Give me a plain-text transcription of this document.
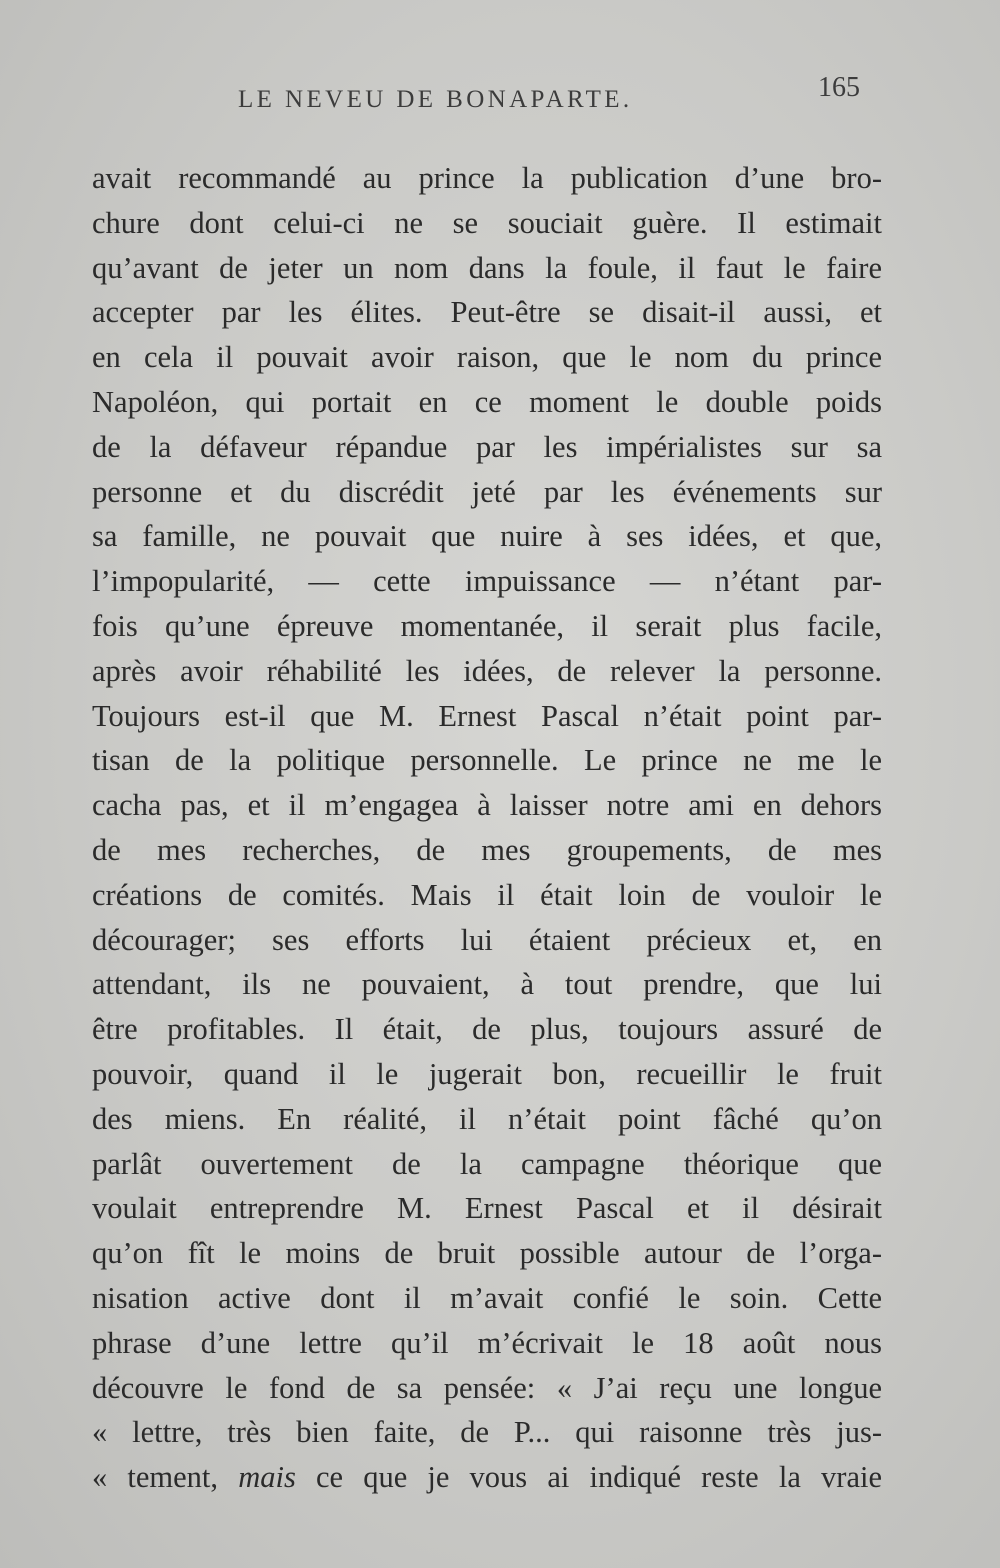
LE NEVEU DE BONAPARTE.	165
avait recommandé au prince la publication d’une bro-
chure dont celui-ci ne se souciait guère. Il estimait
qu’avant de jeter un nom dans la foule, il faut le faire
accepter par les élites. Peut-être se disait-il aussi, et
en cela il pouvait avoir raison, que le nom du prince
Napoléon, qui portait en ce moment le double poids
de la défaveur répandue par les impérialistes sur sa
personne et du discrédit jeté par les événements sur
sa famille, ne pouvait que nuire à ses idées, et que,
l’impopularité, — cette impuissance — n’étant par-
fois qu’une épreuve momentanée, il serait plus facile,
après avoir réhabilité les idées, de relever la personne.
Toujours est-il que M. Ernest Pascal n’était point par-
tisan de la politique personnelle. Le prince ne me le
cacha pas, et il m’engagea à laisser notre ami en dehors
de mes recherches, de mes groupements, de mes
créations de comités. Mais il était loin de vouloir le
décourager; ses efforts lui étaient précieux et, en
attendant, ils ne pouvaient, à tout prendre, que lui
être profitables. Il était, de plus, toujours assuré de
pouvoir, quand il le jugerait bon, recueillir le fruit
des miens. En réalité, il n’était point fâché qu’on
parlât ouvertement de la campagne théorique que
voulait entreprendre M. Ernest Pascal et il désirait
qu’on fît le moins de bruit possible autour de l’orga-
nisation active dont il m’avait confié le soin. Cette
phrase d’une lettre qu’il m’écrivait le 18 août nous
découvre le fond de sa pensée: « J’ai reçu une longue
« lettre, très bien faite, de P... qui raisonne très jus-
« tement, mais ce que je vous ai indiqué reste la vraie
